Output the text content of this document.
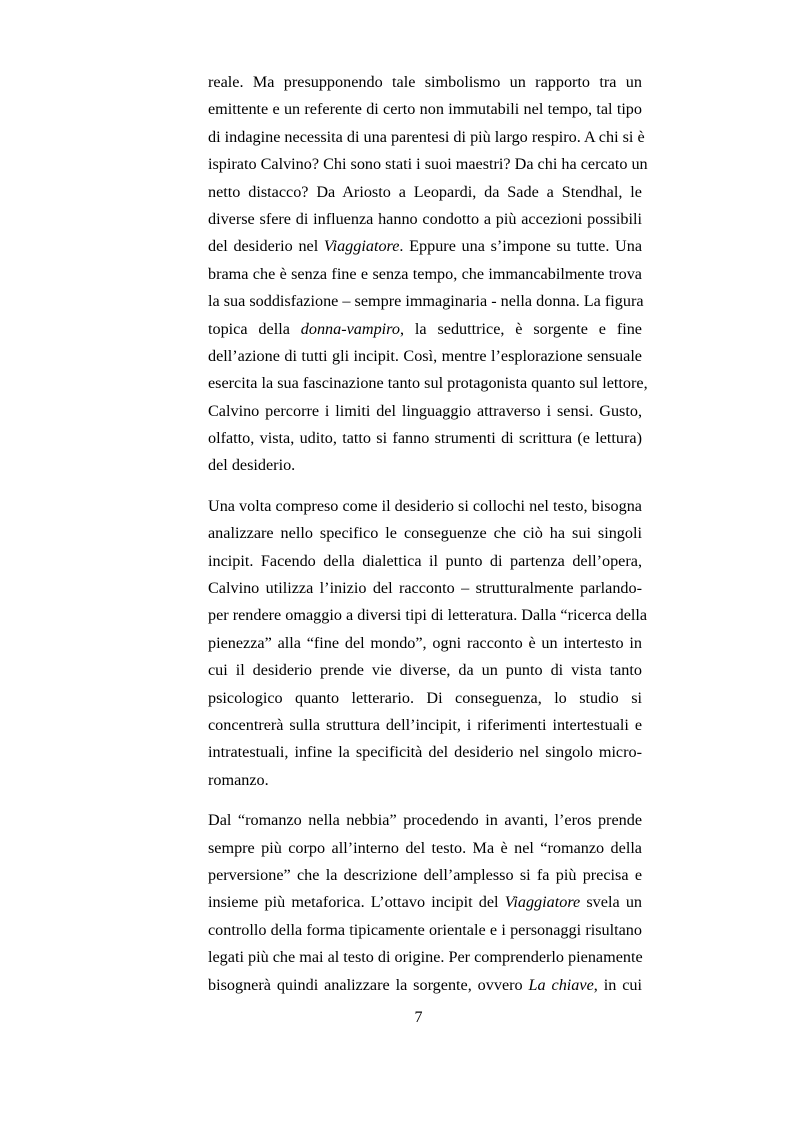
reale. Ma presupponendo tale simbolismo un rapporto tra un
emittente e un referente di certo non immutabili nel tempo, tal tipo
di indagine necessita di una parentesi di più largo respiro. A chi si è
ispirato Calvino? Chi sono stati i suoi maestri? Da chi ha cercato un
netto distacco? Da Ariosto a Leopardi, da Sade a Stendhal, le
diverse sfere di influenza hanno condotto a più accezioni possibili
del desiderio nel Viaggiatore. Eppure una s’impone su tutte. Una
brama che è senza fine e senza tempo, che immancabilmente trova
la sua soddisfazione – sempre immaginaria - nella donna. La figura
topica della donna-vampiro, la seduttrice, è sorgente e fine
dell’azione di tutti gli incipit. Così, mentre l’esplorazione sensuale
esercita la sua fascinazione tanto sul protagonista quanto sul lettore,
Calvino percorre i limiti del linguaggio attraverso i sensi. Gusto,
olfatto, vista, udito, tatto si fanno strumenti di scrittura (e lettura)
del desiderio.
Una volta compreso come il desiderio si collochi nel testo, bisogna
analizzare nello specifico le conseguenze che ciò ha sui singoli
incipit. Facendo della dialettica il punto di partenza dell’opera,
Calvino utilizza l’inizio del racconto – strutturalmente parlando-
per rendere omaggio a diversi tipi di letteratura. Dalla “ricerca della
pienezza” alla “fine del mondo”, ogni racconto è un intertesto in
cui il desiderio prende vie diverse, da un punto di vista tanto
psicologico quanto letterario. Di conseguenza, lo studio si
concentrerà sulla struttura dell’incipit, i riferimenti intertestuali e
intratestuali, infine la specificità del desiderio nel singolo micro-
romanzo.
Dal “romanzo nella nebbia” procedendo in avanti, l’eros prende
sempre più corpo all’interno del testo. Ma è nel “romanzo della
perversione” che la descrizione dell’amplesso si fa più precisa e
insieme più metaforica. L’ottavo incipit del Viaggiatore svela un
controllo della forma tipicamente orientale e i personaggi risultano
legati più che mai al testo di origine. Per comprenderlo pienamente
bisognerà quindi analizzare la sorgente, ovvero La chiave, in cui
7
